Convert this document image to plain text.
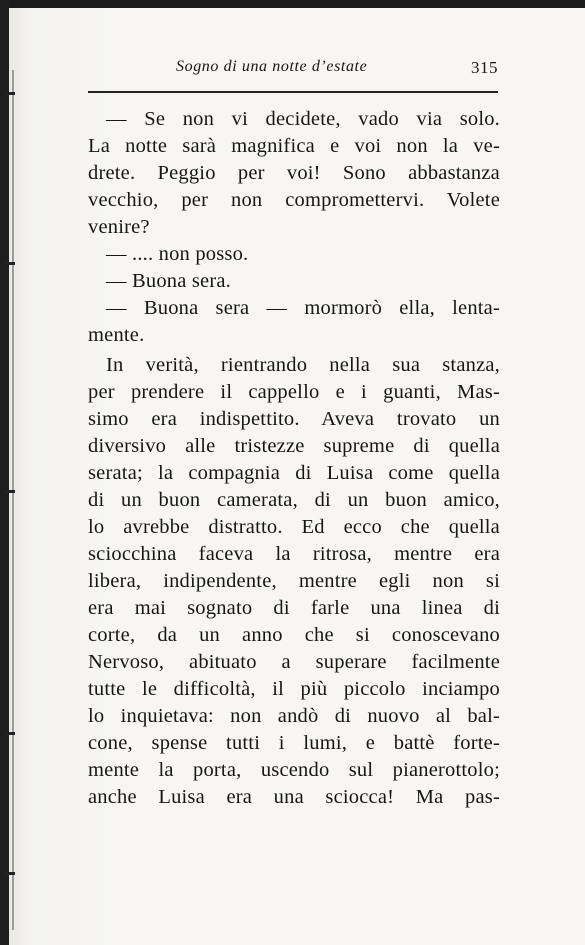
Sogno di una notte d’estate	315
— Se non vi decidete, vado via solo.
La notte sarà magnifica e voi non la ve-
drete. Peggio per voi! Sono abbastanza
vecchio, per non compromettervi. Volete
venire?
— .... non posso.
— Buona sera.
— Buona sera — mormorò ella, lenta-
mente.
In verità, rientrando nella sua stanza,
per prendere il cappello e i guanti, Mas-
simo era indispettito. Aveva trovato un
diversivo alle tristezze supreme di quella
serata; la compagnia di Luisa come quella
di un buon camerata, di un buon amico,
lo avrebbe distratto. Ed ecco che quella
sciocchina faceva la ritrosa, mentre era
libera, indipendente, mentre egli non si
era mai sognato di farle una linea di
corte, da un anno che si conoscevano
Nervoso, abituato a superare facilmente
tutte le difficoltà, il più piccolo inciampo
lo inquietava: non andò di nuovo al bal-
cone, spense tutti i lumi, e battè forte-
mente la porta, uscendo sul pianerottolo;
anche Luisa era una sciocca! Ma pas-
